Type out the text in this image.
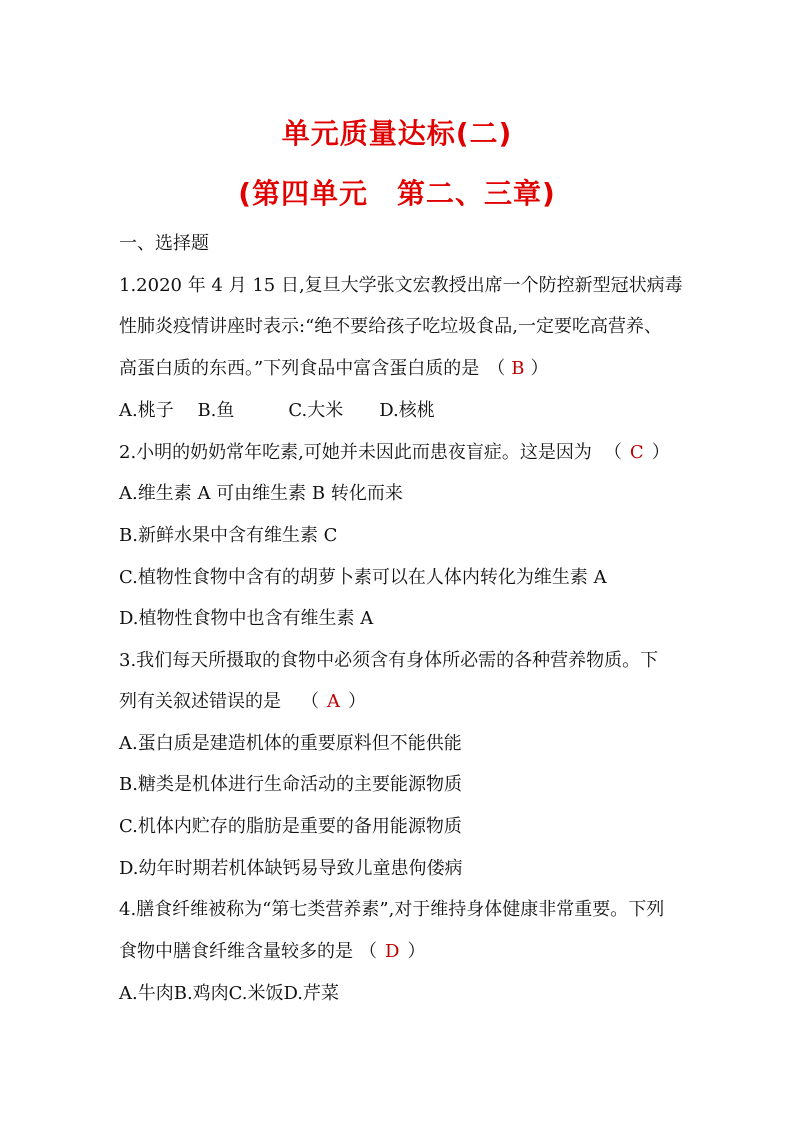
单元质量达标(二)
(第四单元　第二、三章)
一、选择题
1.2020 年 4 月 15 日,复旦大学张文宏教授出席一个防控新型冠状病毒
性肺炎疫情讲座时表示:“绝不要给孩子吃垃圾食品,一定要吃高营养、
高蛋白质的东西。”下列食品中富含蛋白质的是 （ B ）
A.桃子　 B.鱼　　　C.大米　　D.核桃
2.小明的奶奶常年吃素,可她并未因此而患夜盲症。这是因为 （ C ）
A.维生素 A 可由维生素 B 转化而来
B.新鲜水果中含有维生素 C
C.植物性食物中含有的胡萝卜素可以在人体内转化为维生素 A
D.植物性食物中也含有维生素 A
3.我们每天所摄取的食物中必须含有身体所必需的各种营养物质。下
列有关叙述错误的是 （ A ）
A.蛋白质是建造机体的重要原料但不能供能
B.糖类是机体进行生命活动的主要能源物质
C.机体内贮存的脂肪是重要的备用能源物质
D.幼年时期若机体缺钙易导致儿童患佝偻病
4.膳食纤维被称为“第七类营养素”,对于维持身体健康非常重要。下列
食物中膳食纤维含量较多的是 （ D ）
A.牛肉B.鸡肉C.米饭D.芹菜
